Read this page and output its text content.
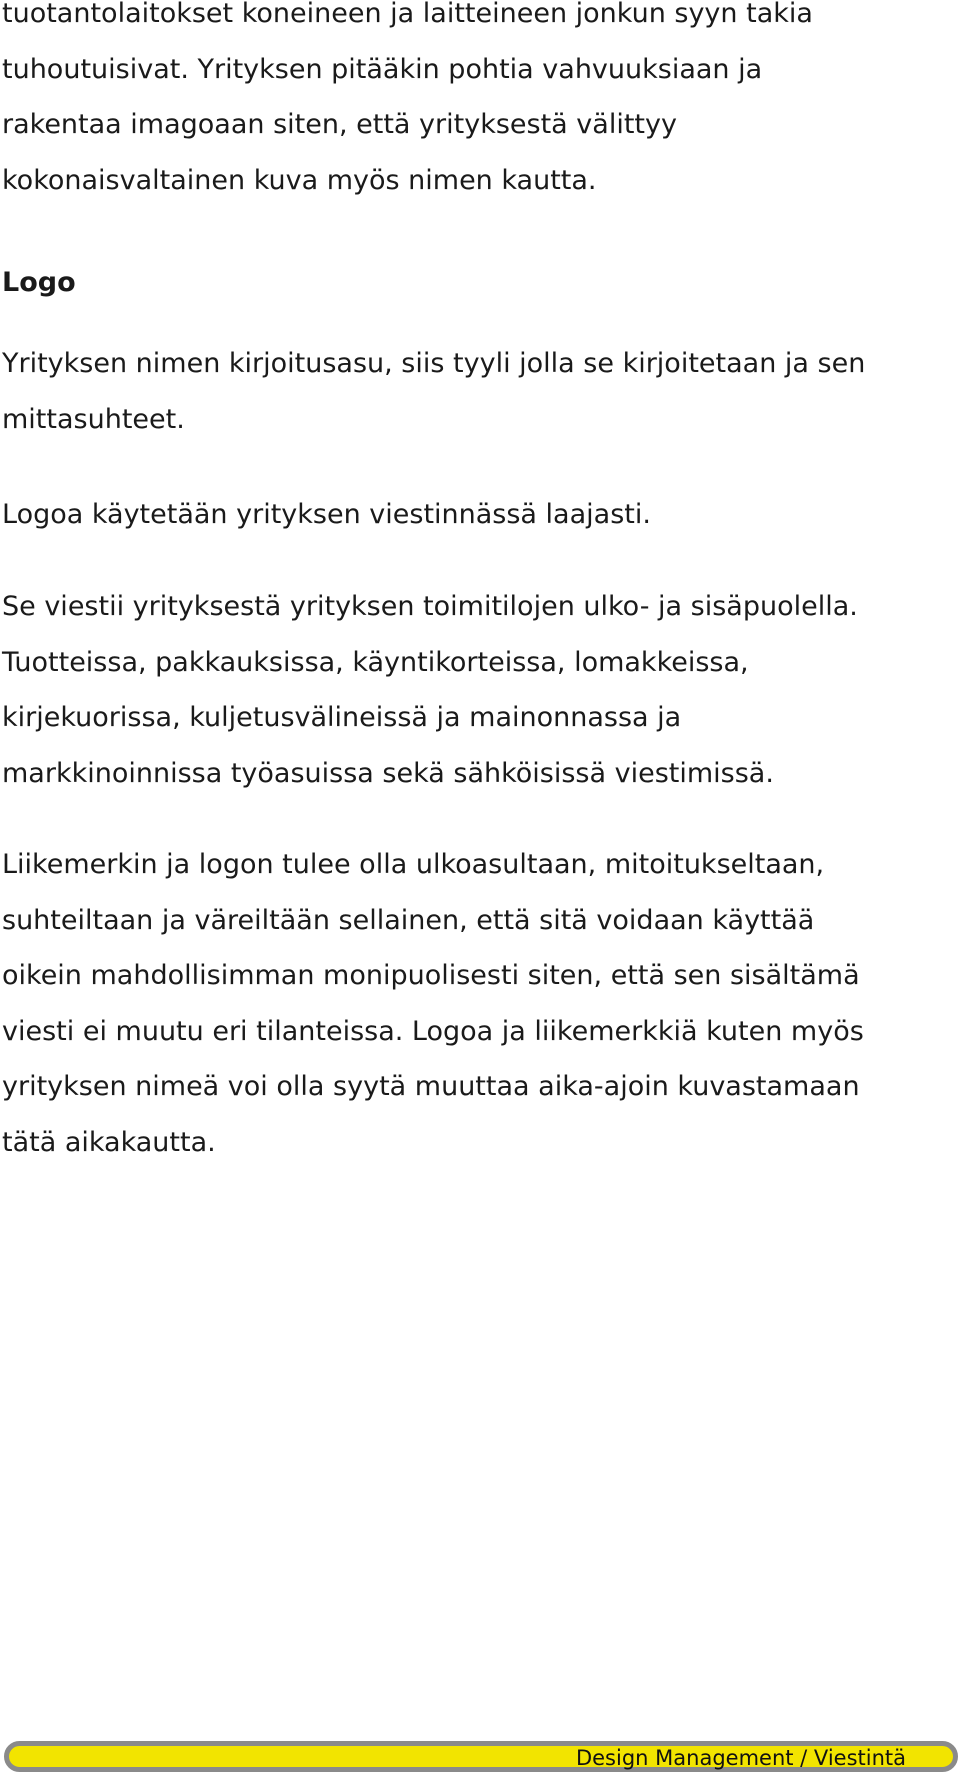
tuotantolaitokset koneineen ja laitteineen jonkun syyn takia
tuhoutuisivat. Yrityksen pitääkin pohtia vahvuuksiaan ja
rakentaa imagoaan siten, että yrityksestä välittyy
kokonaisvaltainen kuva myös nimen kautta.

Logo

Yrityksen nimen kirjoitusasu, siis tyyli jolla se kirjoitetaan ja sen
mittasuhteet.

Logoa käytetään yrityksen viestinnässä laajasti.

Se viestii yrityksestä yrityksen toimitilojen ulko- ja sisäpuolella.
Tuotteissa, pakkauksissa, käyntikorteissa, lomakkeissa,
kirjekuorissa, kuljetusvälineissä ja mainonnassa ja
markkinoinnissa työasuissa sekä sähköisissä viestimissä.

Liikemerkin ja logon tulee olla ulkoasultaan, mitoitukseltaan,
suhteiltaan ja väreiltään sellainen, että sitä voidaan käyttää
oikein mahdollisimman monipuolisesti siten, että sen sisältämä
viesti ei muutu eri tilanteissa. Logoa ja liikemerkkiä kuten myös
yrityksen nimeä voi olla syytä muuttaa aika-ajoin kuvastamaan
tätä aikakautta.

Design Management / Viestintä
